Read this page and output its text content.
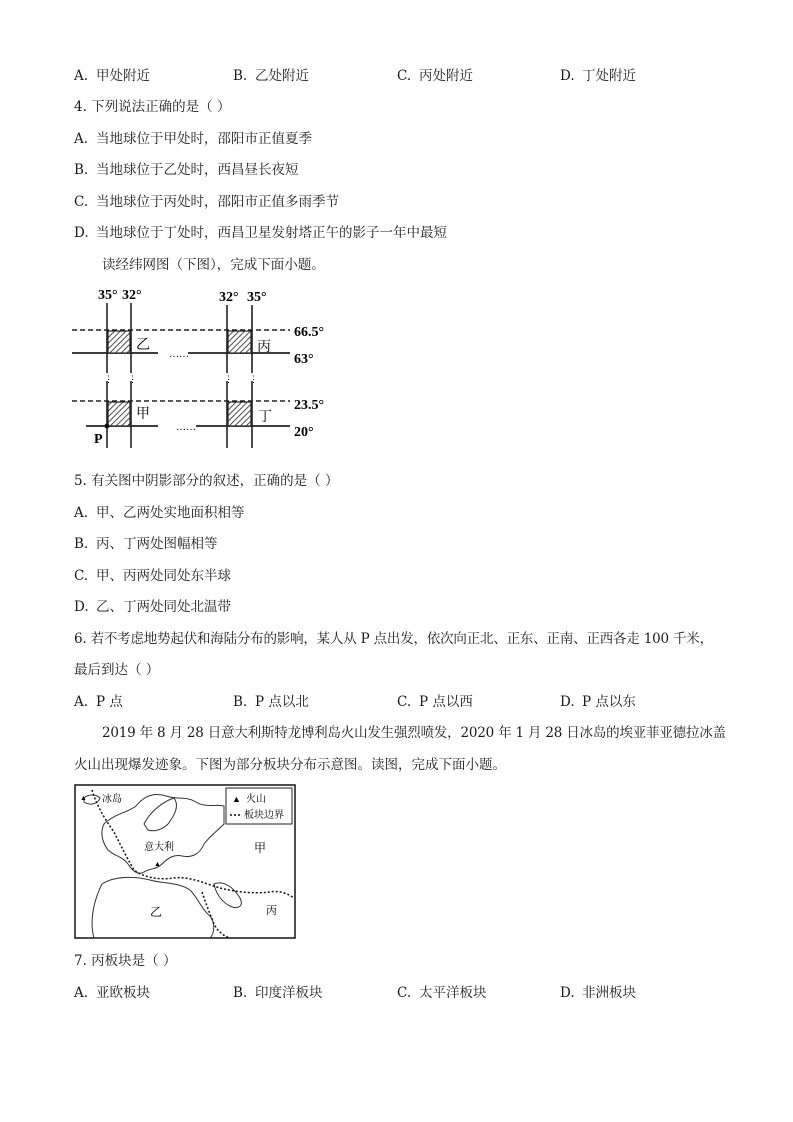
A. 甲处附近	B. 乙处附近	C. 丙处附近	D. 丁处附近
4. 下列说法正确的是（ ）
A. 当地球位于甲处时，邵阳市正值夏季
B. 当地球位于乙处时，西昌昼长夜短
C. 当地球位于丙处时，邵阳市正值多雨季节
D. 当地球位于丁处时，西昌卫星发射塔正午的影子一年中最短
读经纬网图（下图），完成下面小题。
35° 32°	32° 35°
⋮ ⋮	⋮ ⋮
66.5°
……	63°
23.5°
……	20°
乙	丙
甲	丁
P
5. 有关图中阴影部分的叙述，正确的是（ ）
A. 甲、乙两处实地面积相等
B. 丙、丁两处图幅相等
C. 甲、丙两处同处东半球
D. 乙、丁两处同处北温带
6. 若不考虑地势起伏和海陆分布的影响，某人从 P 点出发，依次向正北、正东、正南、正西各走 100 千米，
最后到达（ ）
A. P 点	B. P 点以北	C. P 点以西	D. P 点以东
2019 年 8 月 28 日意大利斯特龙博利岛火山发生强烈喷发，2020 年 1 月 28 日冰岛的埃亚菲亚德拉冰盖
火山出现爆发迹象。下图为部分板块分布示意图。读图，完成下面小题。
▲ 火山
板块边界
▲ 冰岛
意大利
▲
甲
乙	丙
7. 丙板块是（ ）
A. 亚欧板块	B. 印度洋板块	C. 太平洋板块	D. 非洲板块
